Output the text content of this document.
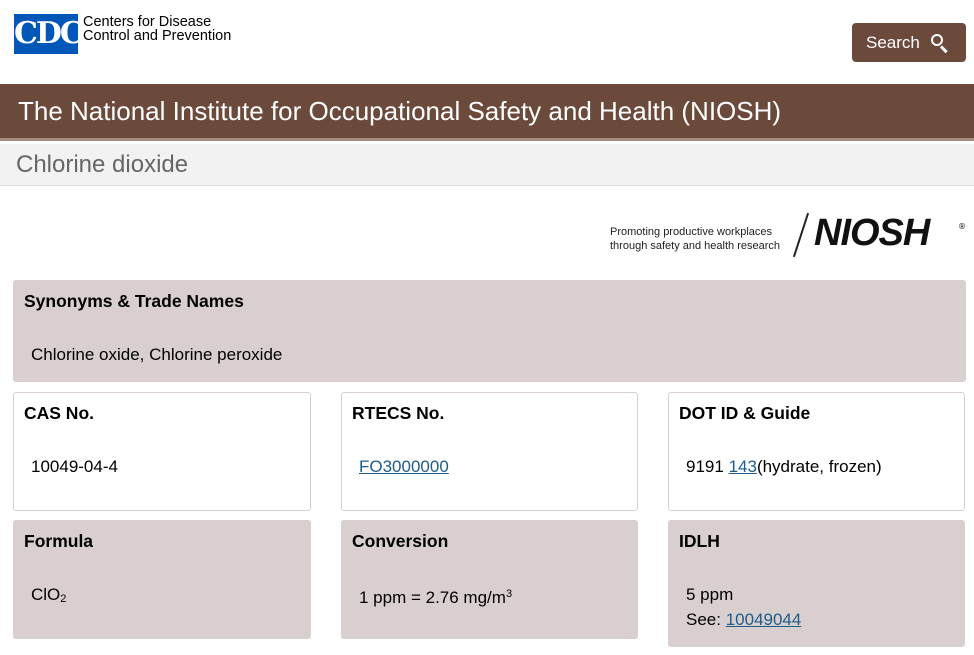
CDC Centers for Disease
Control and Prevention	Search
The National Institute for Occupational Safety and Health (NIOSH)
Chlorine dioxide
Promoting productive workplaces
through safety and health research NIOSH	®
Synonyms & Trade Names
Chlorine oxide, Chlorine peroxide
CAS No.
10049-04-4
RTECS No.
FO3000000
DOT ID & Guide
9191 143(hydrate, frozen)
Formula
ClO$_2$
Conversion
1 ppm = 2.76 $mg/m^3$
IDLH
5 ppm
See: 10049044
